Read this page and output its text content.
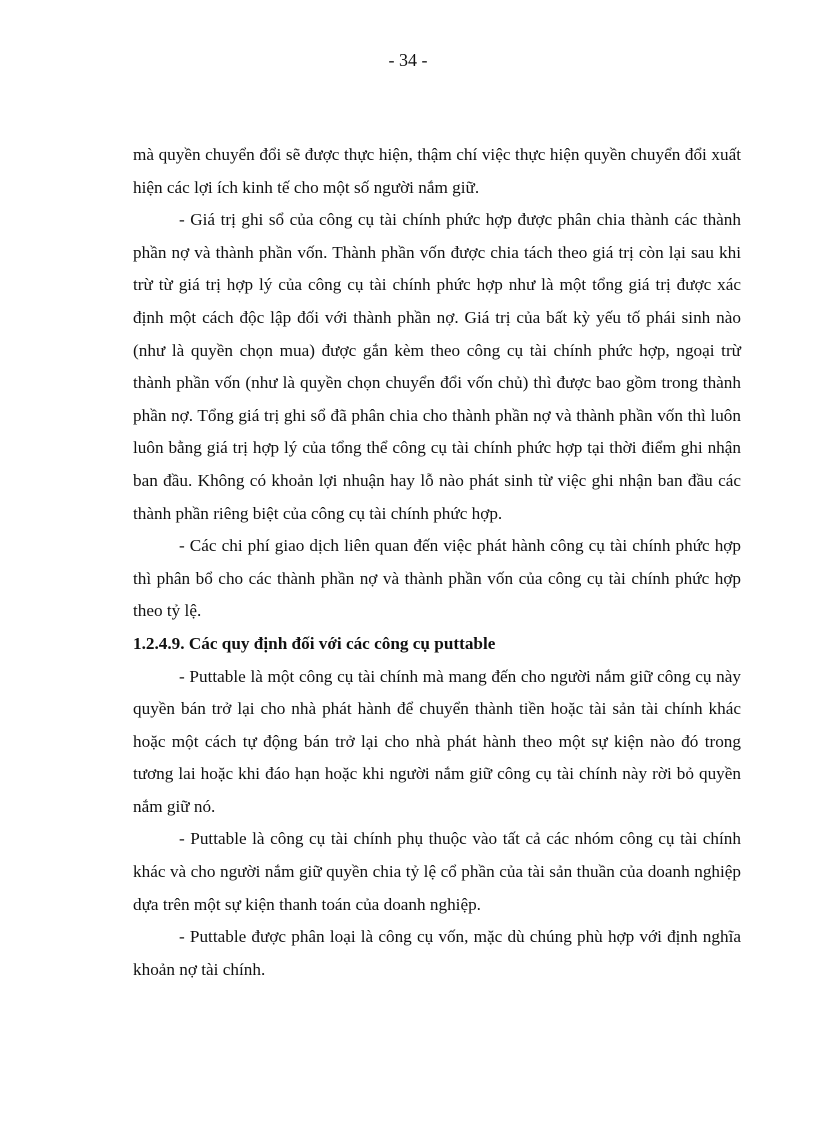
- 34 -

mà quyền chuyển đổi sẽ được thực hiện, thậm chí việc thực hiện quyền chuyển đổi xuất hiện các lợi ích kinh tế cho một số người nắm giữ.

- Giá trị ghi sổ của công cụ tài chính phức hợp được phân chia thành các thành phần nợ và thành phần vốn. Thành phần vốn được chia tách theo giá trị còn lại sau khi trừ từ giá trị hợp lý của công cụ tài chính phức hợp như là một tổng giá trị được xác định một cách độc lập đối với thành phần nợ. Giá trị của bất kỳ yếu tố phái sinh nào (như là quyền chọn mua) được gắn kèm theo công cụ tài chính phức hợp, ngoại trừ thành phần vốn (như là quyền chọn chuyển đổi vốn chủ) thì được bao gồm trong thành phần nợ. Tổng giá trị ghi sổ đã phân chia cho thành phần nợ và thành phần vốn thì luôn luôn bằng giá trị hợp lý của tổng thể công cụ tài chính phức hợp tại thời điểm ghi nhận ban đầu. Không có khoản lợi nhuận hay lỗ nào phát sinh từ việc ghi nhận ban đầu các thành phần riêng biệt của công cụ tài chính phức hợp.

- Các chi phí giao dịch liên quan đến việc phát hành công cụ tài chính phức hợp thì phân bổ cho các thành phần nợ và thành phần vốn của công cụ tài chính phức hợp theo tỷ lệ.

1.2.4.9. Các quy định đối với các công cụ puttable

- Puttable là một công cụ tài chính mà mang đến cho người nắm giữ công cụ này quyền bán trở lại cho nhà phát hành để chuyển thành tiền hoặc tài sản tài chính khác hoặc một cách tự động bán trở lại cho nhà phát hành theo một sự kiện nào đó trong tương lai hoặc khi đáo hạn hoặc khi người nắm giữ công cụ tài chính này rời bỏ quyền nắm giữ nó.

- Puttable là công cụ tài chính phụ thuộc vào tất cả các nhóm công cụ tài chính khác và cho người nắm giữ quyền chia tỷ lệ cổ phần của tài sản thuần của doanh nghiệp dựa trên một sự kiện thanh toán của doanh nghiệp.

- Puttable được phân loại là công cụ vốn, mặc dù chúng phù hợp với định nghĩa khoản nợ tài chính.
